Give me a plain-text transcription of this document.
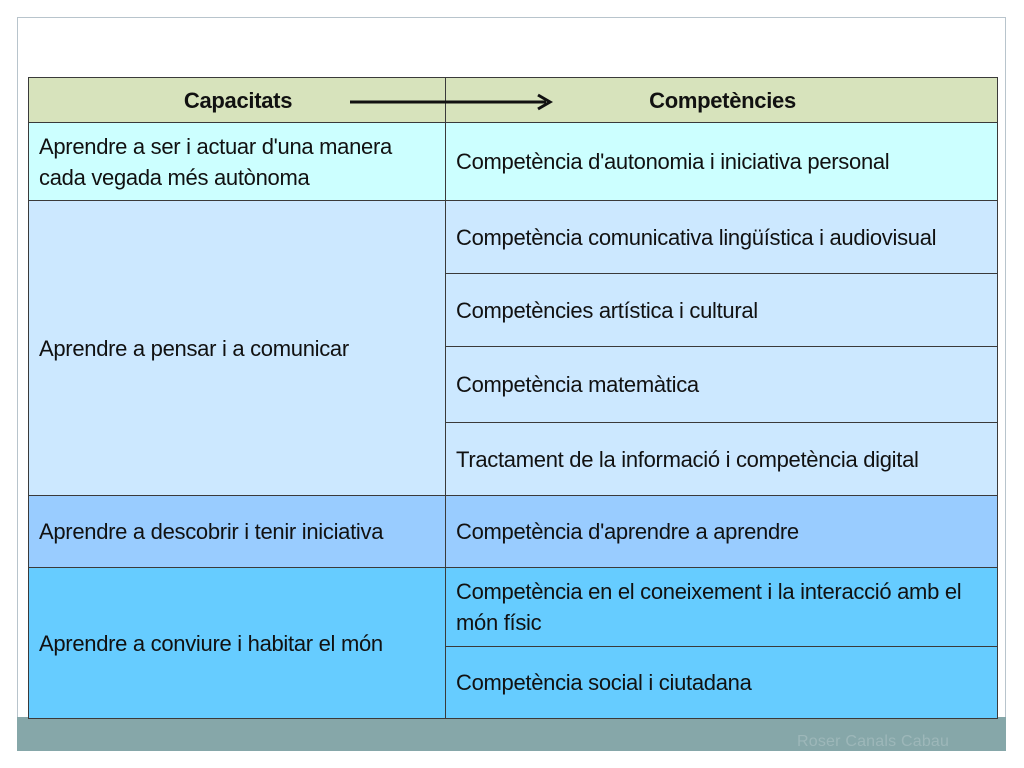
Roser Canals Cabau
Capacitats	Competències
Aprendre a ser i actuar d'una manera cada vegada més autònoma	Competència d'autonomia i iniciativa personal
Aprendre a pensar i a comunicar	Competència comunicativa lingüística i audiovisual
	Competències artística i cultural
	Competència matemàtica
	Tractament de la informació i competència digital
Aprendre a descobrir i tenir iniciativa	Competència d'aprendre a aprendre
Aprendre a conviure i habitar el món	Competència en el coneixement i la interacció amb el món físic
	Competència social i ciutadana
